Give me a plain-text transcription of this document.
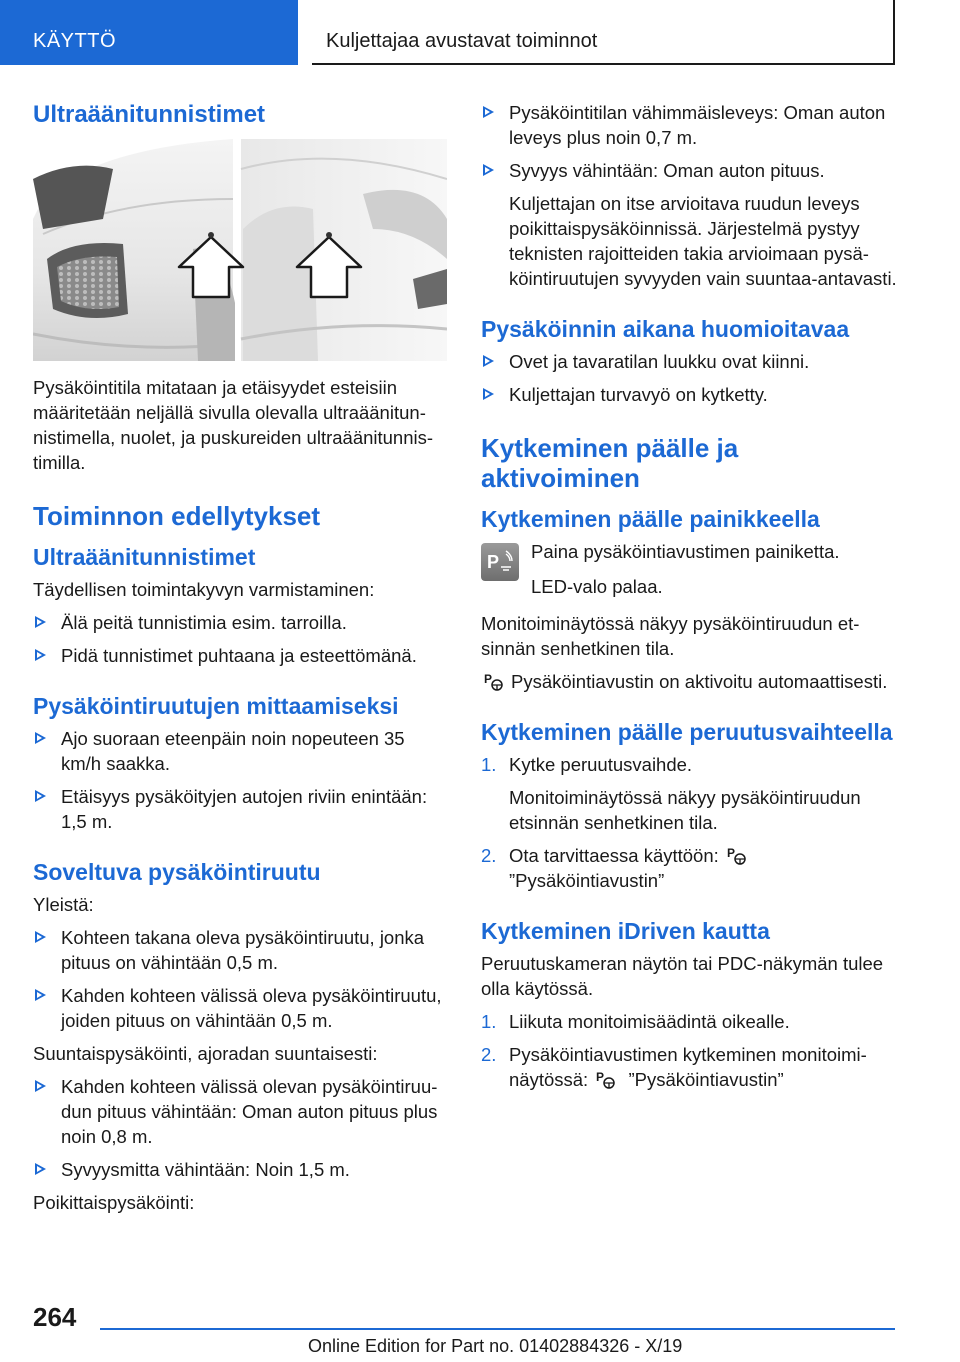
KÄYTTÖ	Kuljettajaa avustavat toiminnot
Ultraäänitunnistimet

Pysäköintitila mitataan ja etäisyydet esteisiin määritetään neljällä sivulla olevalla ultraäänitunnistimella, nuolet, ja puskureiden ultraäänitunnistimilla.

Toiminnon edellytykset
Ultraäänitunnistimet

Täydellisen toimintakyvyn varmistaminen:

Älä peitä tunnistimia esim. tarroilla.
Pidä tunnistimet puhtaana ja esteettömänä.
Pysäköintiruutujen mittaamiseksi
Ajo suoraan eteenpäin noin nopeuteen 35 km/h saakka.
Etäisyys pysäköityjen autojen riviin enintään: 1,5 m.
Soveltuva pysäköintiruutu

Yleistä:

Kohteen takana oleva pysäköintiruutu, jonka pituus on vähintään 0,5 m.
Kahden kohteen välissä oleva pysäköintiruutu, joiden pituus on vähintään 0,5 m.

Suuntaispysäköinti, ajoradan suuntaisesti:

Kahden kohteen välissä olevan pysäköintiruudun pituus vähintään: Oman auton pituus plus noin 0,8 m.
Syvyysmitta vähintään: Noin 1,5 m.

Poikittaispysäköinti:

Pysäköintitilan vähimmäisleveys: Oman auton leveys plus noin 0,7 m.
Syvyys vähintään: Oman auton pituus.

Kuljettajan on itse arvioitava ruudun leveys poikittaispysäköinnissä. Järjestelmä pystyy teknisten rajoitteiden takia arvioimaan pysäköintiruutujen syvyyden vain suuntaa-antavasti.

Pysäköinnin aikana huomioitavaa
Ovet ja tavaratilan luukku ovat kiinni.
Kuljettajan turvavyö on kytketty.
Kytkeminen päälle ja aktivoiminen
Kytkeminen päälle painikkeella
P Paina pysäköintiavustimen painiketta.

LED-valo palaa.

Monitoiminäytössä näkyy pysäköintiruudun etsinnän senhetkinen tila.

P Pysäköintiavustin on aktivoitu automaattisesti.

Kytkeminen päälle peruutusvaihteella
1. Kytke peruutusvaihde.
Monitoiminäytössä näkyy pysäköintiruudun etsinnän senhetkinen tila.
2. Ota tarvittaessa käyttöön: P

”Pysäköintiavustin”
Kytkeminen iDriven kautta

Peruutuskameran näytön tai PDC-näkymän tulee olla käytössä.

1. Liikuta monitoimisäädintä oikealle.
2. Pysäköintiavustimen kytkeminen monitoiminäytössä: P ”Pysäköintiavustin”
264
Online Edition for Part no. 01402884326 - X/19
